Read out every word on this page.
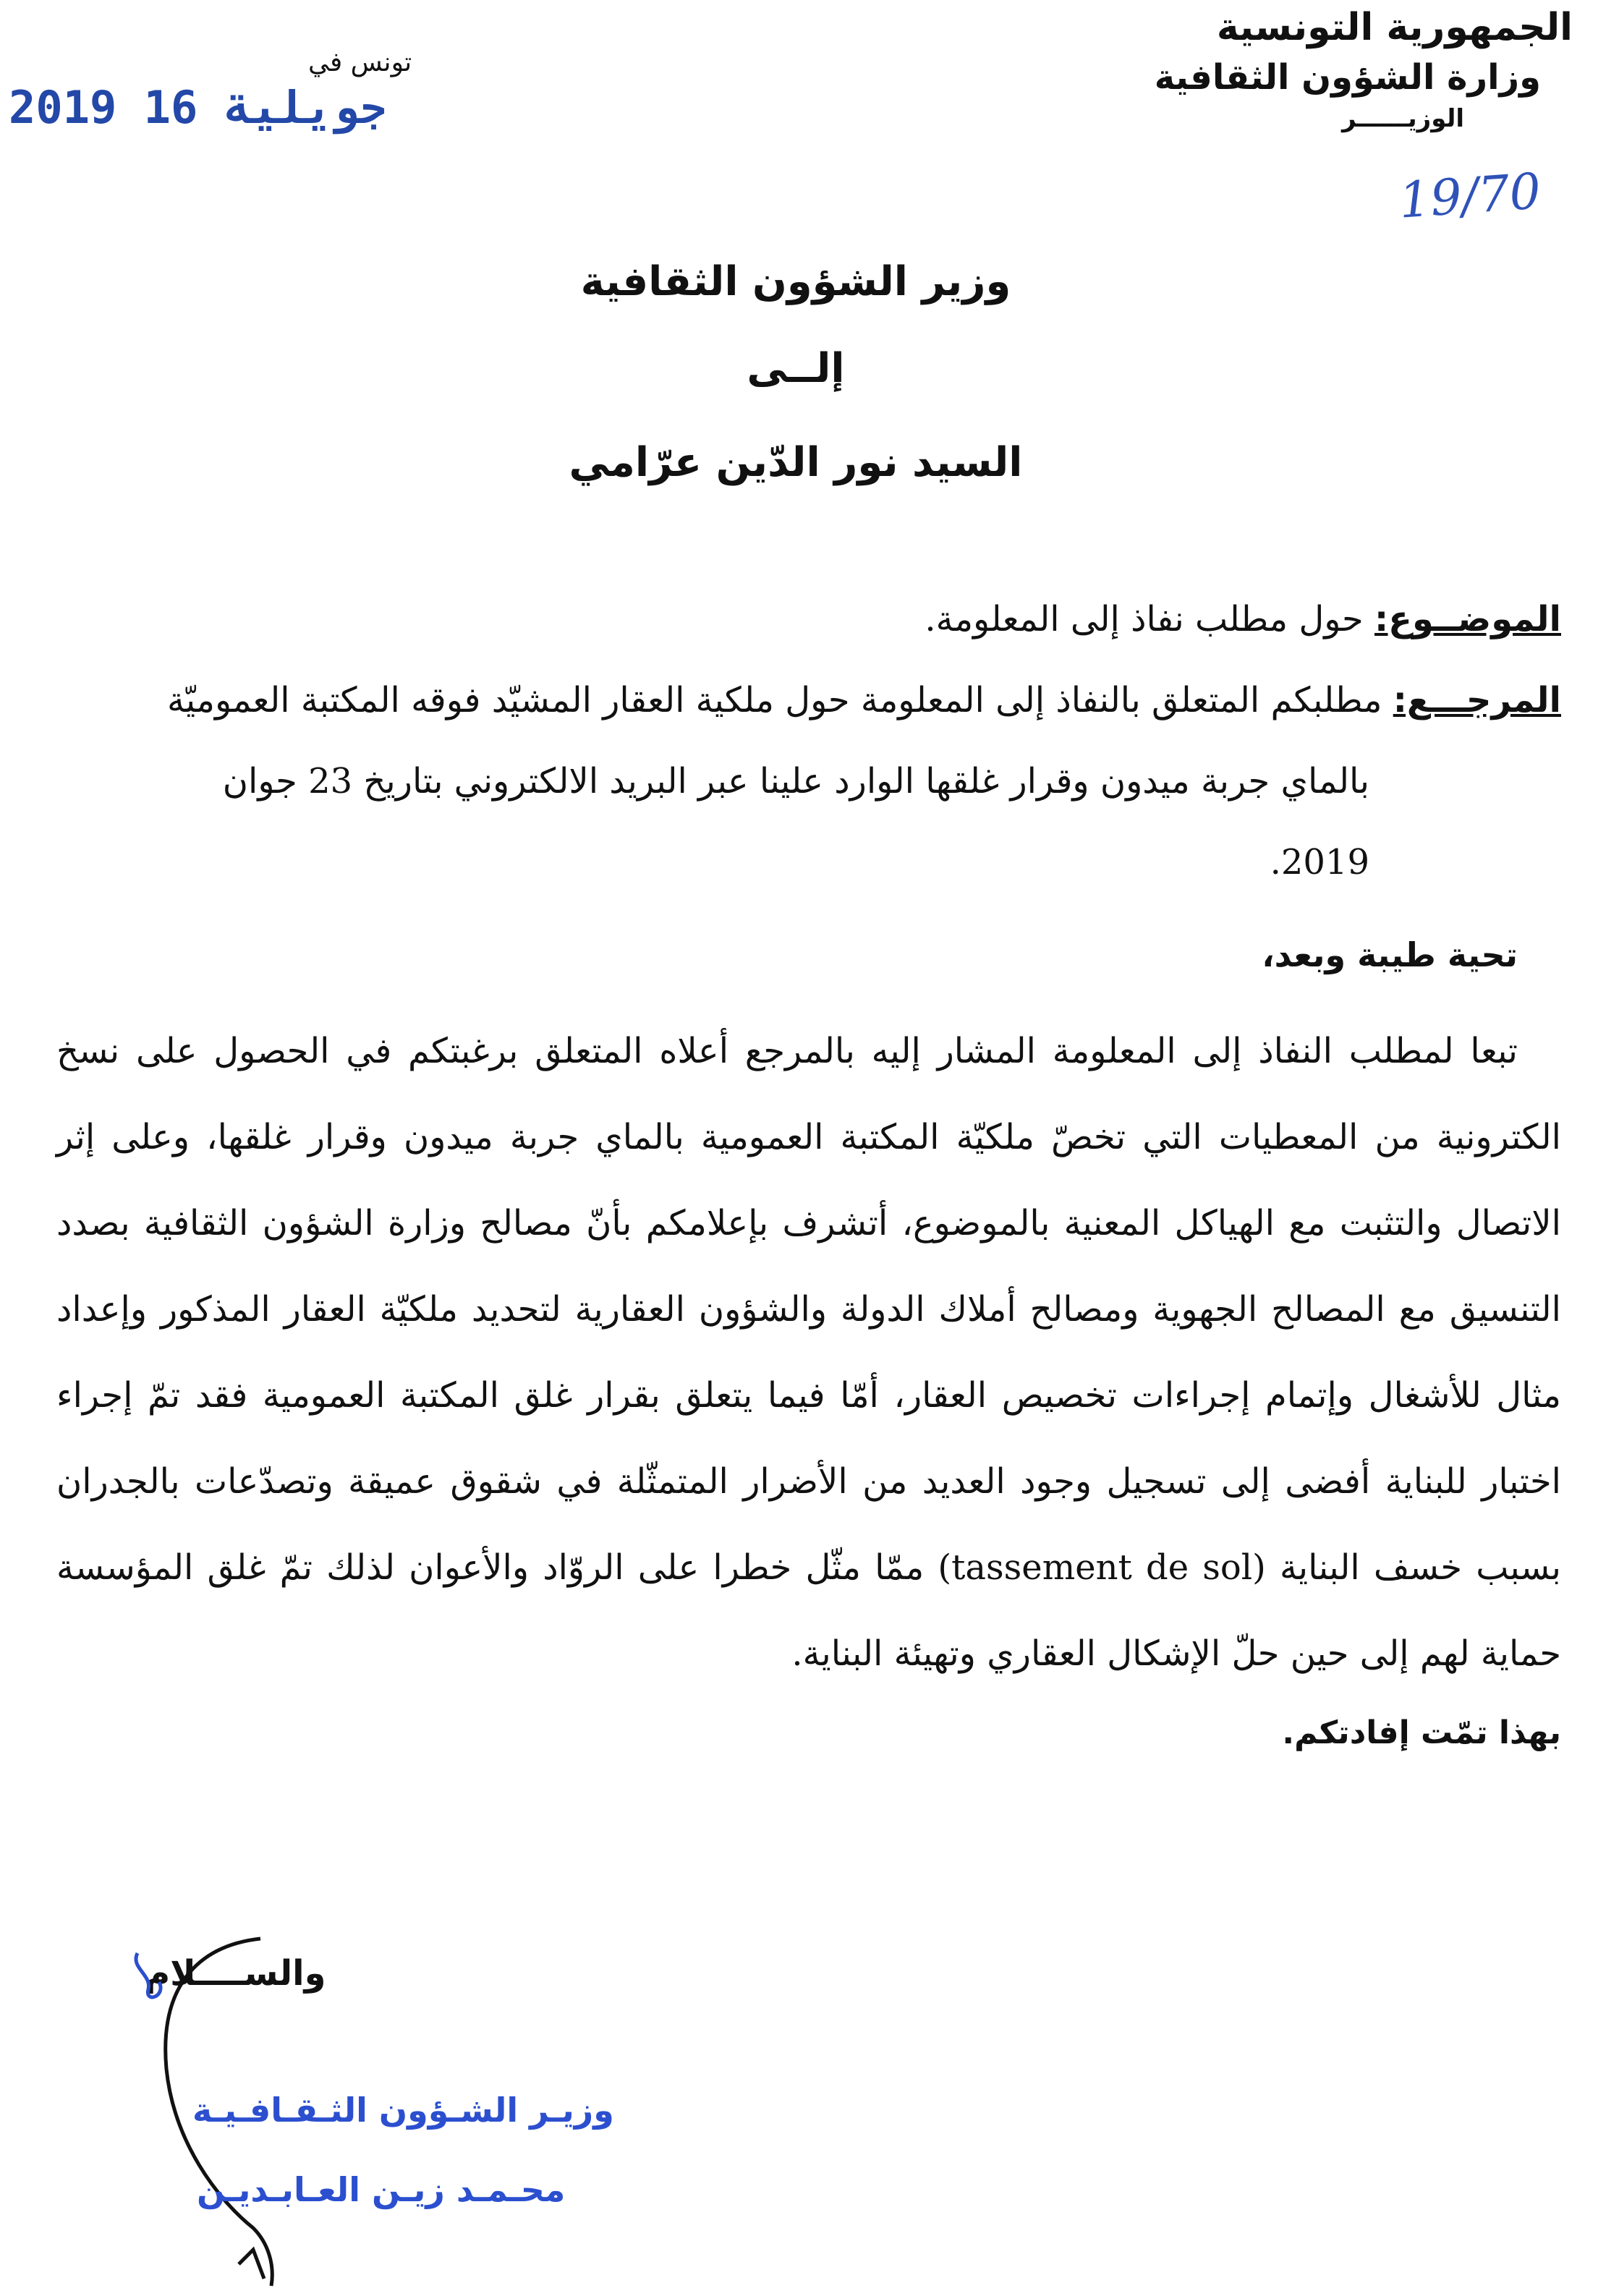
الجمهورية التونسية
وزارة الشؤون الثقافية
الوزيــــــر
19/70
تونس في
2019 جويلية 16
وزير الشؤون الثقافية
إلــى
السيد نور الدّين عرّامي
الموضــوع: حول مطلب نفاذ إلى المعلومة.
المرجـــع: مطلبكم المتعلق بالنفاذ إلى المعلومة حول ملكية العقار المشيّد فوقه المكتبة العموميّة
بالماي جربة ميدون وقرار غلقها الوارد علينا عبر البريد الالكتروني بتاريخ 23 جوان
2019.
تحية طيبة وبعد،
تبعا لمطلب النفاذ إلى المعلومة المشار إليه بالمرجع أعلاه المتعلق برغبتكم في الحصول على نسخ الكترونية من المعطيات التي تخصّ ملكيّة المكتبة العمومية بالماي جربة ميدون وقرار غلقها، وعلى إثر الاتصال والتثبت مع الهياكل المعنية بالموضوع، أتشرف بإعلامكم بأنّ مصالح وزارة الشؤون الثقافية بصدد التنسيق مع المصالح الجهوية ومصالح أملاك الدولة والشؤون العقارية لتحديد ملكيّة العقار المذكور وإعداد مثال للأشغال وإتمام إجراءات تخصيص العقار، أمّا فيما يتعلق بقرار غلق المكتبة العمومية فقد تمّ إجراء اختبار للبناية أفضى إلى تسجيل وجود العديد من الأضرار المتمثّلة في شقوق عميقة وتصدّعات بالجدران بسبب خسف البناية (tassement de sol) ممّا مثّل خطرا على الروّاد والأعوان لذلك تمّ غلق المؤسسة حماية لهم إلى حين حلّ الإشكال العقاري وتهيئة البناية.
بهذا تمّت إفادتكم.
والســــلام
وزيـر الشـؤون الثـقـافـيـة
محـمـد زيـن العـابـديـن
